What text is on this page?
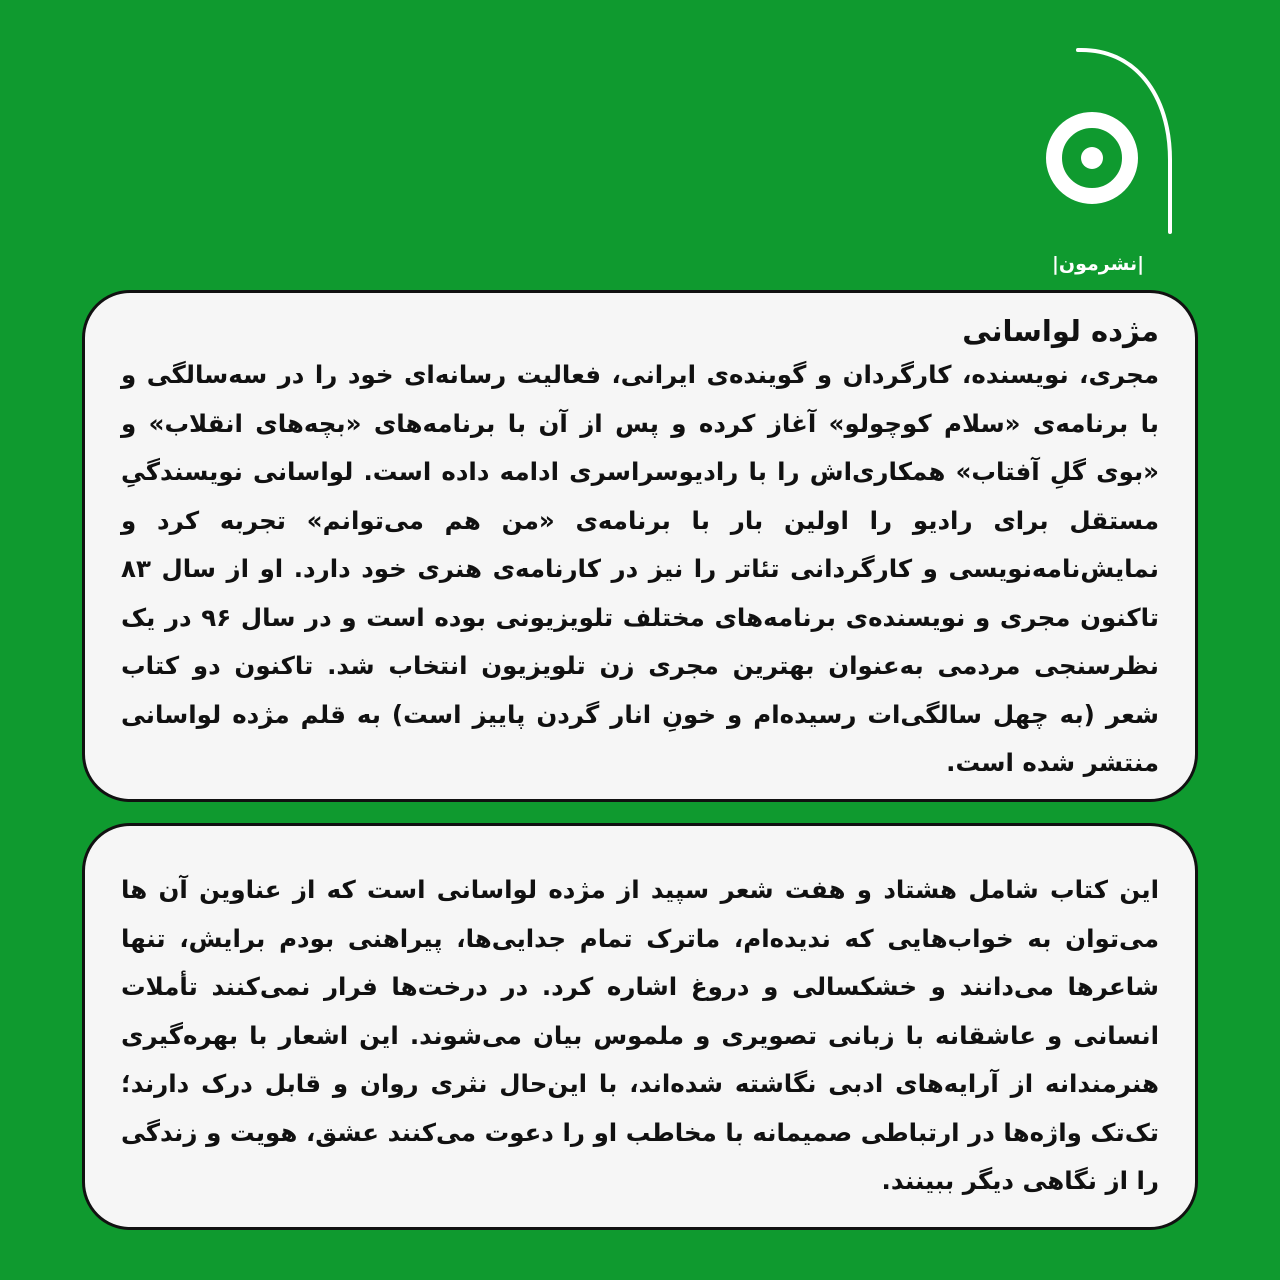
|نشرمون|

مژده لواسانی

مجری، نویسنده، کارگردان و گوینده‌ی ایرانی، فعالیت رسانه‌ای خود را در سه‌سالگی و با برنامه‌ی «سلام کوچولو» آغاز کرده و پس از آن با برنامه‌های «بچه‌های انقلاب» و «بوی گلِ آفتاب» همکاری‌اش را با رادیوسراسری ادامه داده است. لواسانی نویسندگیِ مستقل برای رادیو را اولین بار با برنامه‌ی «من هم می‌توانم» تجربه کرد و نمایش‌نامه‌نویسی و کارگردانی تئاتر را نیز در کارنامه‌ی هنری خود دارد. او از سال ۸۳ تاکنون مجری و نویسنده‌ی برنامه‌های مختلف تلویزیونی بوده است و در سال ۹۶ در یک نظرسنجی مردمی به‌عنوان بهترین مجری زن تلویزیون انتخاب شد. تاکنون دو کتاب شعر (به چهل سالگی‌ات رسیده‌ام و خونِ انار گردن پاییز است) به قلم مژده لواسانی منتشر شده است.

این کتاب شامل هشتاد و هفت شعر سپید از مژده لواسانی است که از عناوین آن ها می‌توان به خواب‌هایی که ندیده‌ام، ماترک تمام جدایی‌ها، پیراهنی بودم برایش، تنها شاعرها می‌دانند و خشکسالی و دروغ اشاره کرد. در درخت‌ها فرار نمی‌کنند تأملات انسانی و عاشقانه با زبانی تصویری و ملموس بیان می‌شوند. این اشعار با بهره‌گیری هنرمندانه از آرایه‌های ادبی نگاشته شده‌اند، با این‌حال نثری روان و قابل درک دارند؛ تک‌تک واژه‌ها در ارتباطی صمیمانه با مخاطب او را دعوت می‌کنند عشق، هویت و زندگی را از نگاهی دیگر ببینند.
